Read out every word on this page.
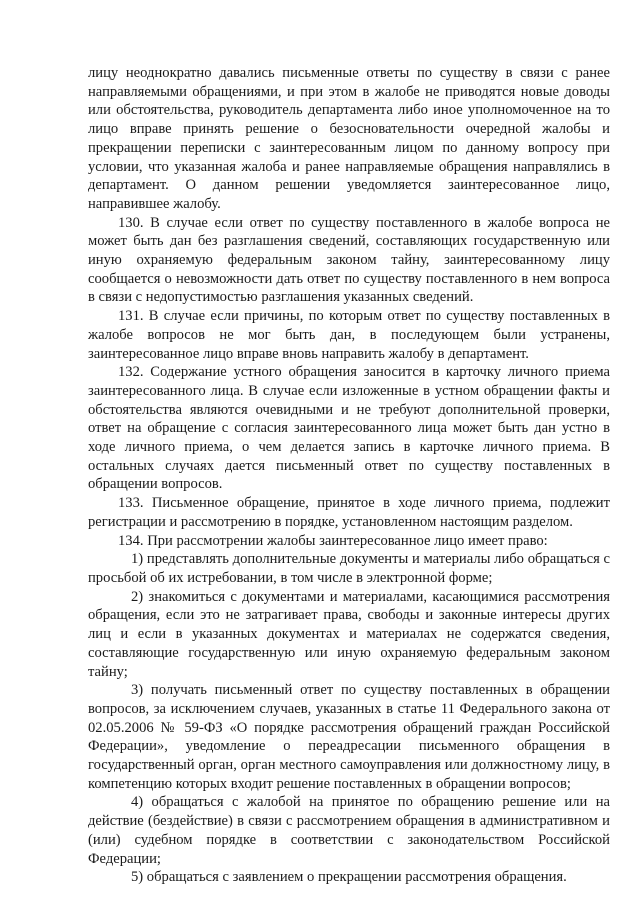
лицу неоднократно давались письменные ответы по существу в связи с ранее направляемыми обращениями, и при этом в жалобе не приводятся новые доводы или обстоятельства, руководитель департамента либо иное уполномоченное на то лицо вправе принять решение о безосновательности очередной жалобы и прекращении переписки с заинтересованным лицом по данному вопросу при условии, что указанная жалоба и ранее направляемые обращения направлялись в департамент. О данном решении уведомляется заинтересованное лицо, направившее жалобу.

130. В случае если ответ по существу поставленного в жалобе вопроса не может быть дан без разглашения сведений, составляющих государственную или иную охраняемую федеральным законом тайну, заинтересованному лицу сообщается о невозможности дать ответ по существу поставленного в нем вопроса в связи с недопустимостью разглашения указанных сведений.

131. В случае если причины, по которым ответ по существу поставленных в жалобе вопросов не мог быть дан, в последующем были устранены, заинтересованное лицо вправе вновь направить жалобу в департамент.

132. Содержание устного обращения заносится в карточку личного приема заинтересованного лица. В случае если изложенные в устном обращении факты и обстоятельства являются очевидными и не требуют дополнительной проверки, ответ на обращение с согласия заинтересованного лица может быть дан устно в ходе личного приема, о чем делается запись в карточке личного приема. В остальных случаях дается письменный ответ по существу поставленных в обращении вопросов.

133. Письменное обращение, принятое в ходе личного приема, подлежит регистрации и рассмотрению в порядке, установленном настоящим разделом.

134. При рассмотрении жалобы заинтересованное лицо имеет право:

1) представлять дополнительные документы и материалы либо обращаться с просьбой об их истребовании, в том числе в электронной форме;

2) знакомиться с документами и материалами, касающимися рассмотрения обращения, если это не затрагивает права, свободы и законные интересы других лиц и если в указанных документах и материалах не содержатся сведения, составляющие государственную или иную охраняемую федеральным законом тайну;

3) получать письменный ответ по существу поставленных в обращении вопросов, за исключением случаев, указанных в статье 11 Федерального закона от 02.05.2006 № 59-ФЗ «О порядке рассмотрения обращений граждан Российской Федерации», уведомление о переадресации письменного обращения в государственный орган, орган местного самоуправления или должностному лицу, в компетенцию которых входит решение поставленных в обращении вопросов;

4) обращаться с жалобой на принятое по обращению решение или на действие (бездействие) в связи с рассмотрением обращения в административном и (или) судебном порядке в соответствии с законодательством Российской Федерации;

5) обращаться с заявлением о прекращении рассмотрения обращения.
